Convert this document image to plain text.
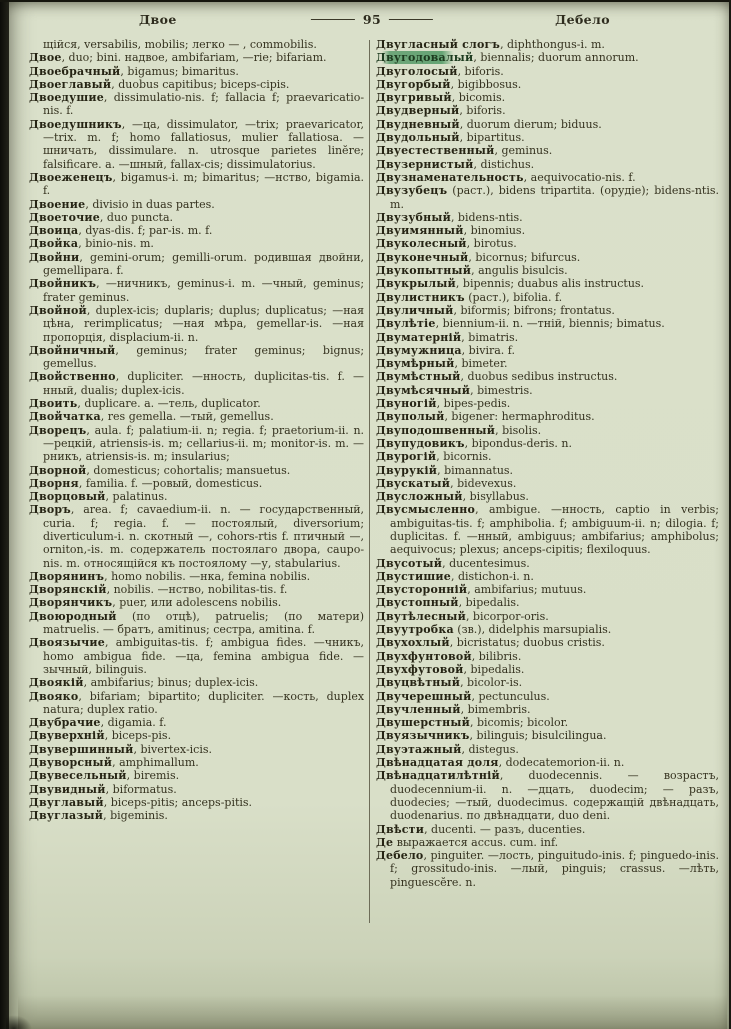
Двое	95	Дебело

щійся, versabilis, mobilis; легко — , commobilis.

Двое, duo; bini. надвое, ambifariam, —rie; bifariam.

Двоебрачный, bigamus; bimaritus.

Двоеглавый, duobus capitibus; biceps-cipis.

Двоедушие, dissimulatio-nis. f; fallacia f; praevaricatio-nis. f.

Двоедушникъ, —ца, dissimulator, —trix; praevaricator, —trix. m. f; homo fallatiosus, mulier fallatiosa. — шничать, dissimulare. n. utrosque parietes linĕre; falsificare. a. —шный, fallax-cis; dissimulatorius.

Двоеженецъ, bigamus-i. m; bimaritus; —нство, bigamia. f.

Двоение, divisio in duas partes.

Двоеточие, duo puncta.

Двоица, dyas-dis. f; par-is. m. f.

Двойка, binio-nis. m.

Двойни, gemini-orum; gemilli-orum. родившая двойни, gemellipara. f.

Двойникъ, —ничникъ, geminus-i. m. —чный, geminus; frater geminus.

Двойной, duplex-icis; duplaris; duplus; duplicatus; —ная цѣна, rerimplicatus; —ная мѣра, gemellar-is. —ная пропорція, displacium-ii. n.

Двойничный, geminus; frater geminus; bignus; gemellus.

Двойственно, dupliciter. —нность, duplicitas-tis. f. —нный, dualis; duplex-icis.

Двоить, duplicare. a. —тель, duplicator.

Двойчатка, res gemella. —тый, gemellus.

Дворецъ, aula. f; palatium-ii. n; regia. f; praetorium-ii. n. —рецкій, atriensis-is. m; cellarius-ii. m; monitor-is. m. —рникъ, atriensis-is. m; insularius;

Дворной, domesticus; cohortalis; mansuetus.

Дворня, familia. f. —ровый, domesticus.

Дворцовый, palatinus.

Дворъ, area. f; cavaedium-ii. n. — государственный, curia. f; regia. f. — постоялый, diversorium; diverticulum-i. n. скотный —, cohors-rtis f. птичный —, orniton,-is. m. содержатель постоялаго двора, caupo-nis. m. относящійся къ постоялому —у, stabularius.

Дворянинъ, homo nobilis. —нка, femina nobilis.

Дворянскій, nobilis. —нство, nobilitas-tis. f.

Дворянчикъ, puer, или adolescens nobilis.

Двоюродный (по отцѣ), patruelis; (по матери) matruelis. — братъ, amitinus; сестра, amitina. f.

Двоязычие, ambiguitas-tis. f; ambigua fides. —чникъ, homo ambigua fide. —ца, femina ambigua fide. —зычный, bilinguis.

Двоякій, ambifarius; binus; duplex-icis.

Двояко, bifariam; bipartito; dupliciter. —кость, duplex natura; duplex ratio.

Двубрачие, digamia. f.

Двуверхній, biceps-pis.

Двувершинный, bivertex-icis.

Двуворсный, amphimallum.

Двувесельный, biremis.

Двувидный, biformatus.

Двуглавый, biceps-pitis; anceps-pitis.

Двуглазый, bigeminis.

Двугласный слогъ, diphthongus-i. m.

Двугодовалый, biennalis; duorum annorum.

Двуголосый, biforis.

Двугорбый, bigibbosus.

Двугривый, bicomis.

Двудверный, biforis.

Двудневный, duorum dierum; biduus.

Двудольный, bipartitus.

Двуестественный, geminus.

Двузернистый, distichus.

Двузнаменательность, aequivocatio-nis. f.

Двузубецъ (раст.), bidens tripartita. (орудіе); bidens-ntis. m.

Двузубный, bidens-ntis.

Двуимянный, binomius.

Двуколесный, birotus.

Двуконечный, bicornus; bifurcus.

Двукопытный, angulis bisulcis.

Двукрылый, bipennis; duabus alis instructus.

Двулистникъ (раст.), bifolia. f.

Двуличный, biformis; bifrons; frontatus.

Двулѣтie, biennium-ii. n. —тній, biennis; bimatus.

Двуматерній, bimatris.

Двумужница, bivira. f.

Двумѣрный, bimeter.

Двумѣстный, duobus sedibus instructus.

Двумѣсячный, bimestris.

Двуногій, bipes-pedis.

Двуполый, bigener: hermaphroditus.

Двуподошвенный, bisolis.

Двупудовикъ, bipondus-deris. n.

Двурогій, bicornis.

Двурукій, bimannatus.

Двускатый, bidevexus.

Двусложный, bisyllabus.

Двусмысленно, ambigue. —нность, captio in verbis; ambiguitas-tis. f; amphibolia. f; ambiguum-ii. n; dilogia. f; duplicitas. f. —нный, ambiguus; ambifarius; amphibolus; aequivocus; plexus; anceps-cipitis; flexiloquus.

Двусотый, ducentesimus.

Двустишие, distichon-i. n.

Двусторонній, ambifarius; mutuus.

Двустопный, bipedalis.

Двутѣлесный, bicorpor-oris.

Двуутробка (зв.), didelphis marsupialis.

Двухохлый, bicristatus; duobus cristis.

Двухфунтовой, bilibris.

Двухфутовой, bipedalis.

Двуцвѣтный, bicolor-is.

Двучерешный, pectunculus.

Двучленный, bimembris.

Двушерстный, bicomis; bicolor.

Двуязычникъ, bilinguis; bisulcilingua.

Двуэтажный, distegus.

Двѣнадцатая доля, dodecatemorion-ii. n.

Двѣнадцатилѣтній, duodecennis. — возрастъ, duodecennium-ii. n. —дцать, duodecim; — разъ, duodecies; —тый, duodecimus. содержащій двѣнадцать, duodenarius. по двѣнадцати, duo deni.

Двѣсти, ducenti. — разъ, ducenties.

Де выражается accus. cum. inf.

Дебело, pinguiter. —лость, pinguitudo-inis. f; pinguedo-inis. f; grossitudo-inis. —лый, pinguis; crassus. —лѣть, pinguescĕre. n.
